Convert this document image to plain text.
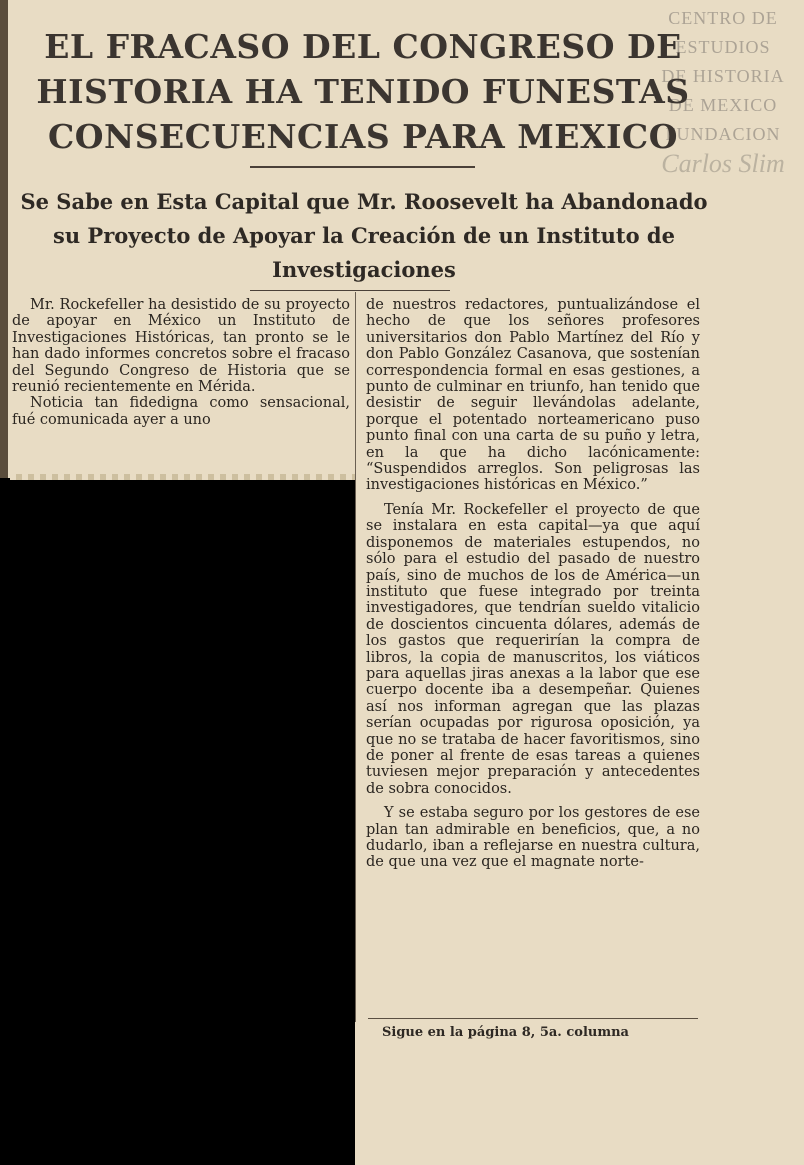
CENTRO DE
ESTUDIOS
DE HISTORIA
DE MEXICO
FUNDACION
Carlos Slim
EL FRACASO DEL CONGRESO DE HISTORIA HA TENIDO FUNESTAS CONSECUENCIAS PARA MEXICO
Se Sabe en Esta Capital que Mr. Roosevelt ha Abandonado su Proyecto de Apoyar la Creación de un Instituto de Investigaciones

Mr. Rockefeller ha desistido de su proyecto de apoyar en México un Instituto de Investigaciones Históricas, tan pronto se le han dado informes concretos sobre el fracaso del Segundo Congreso de Historia que se reunió recientemente en Mérida.

Noticia tan fidedigna como sensacional, fué comunicada ayer a uno

de nuestros redactores, puntualizándose el hecho de que los señores profesores universitarios don Pablo Martínez del Río y don Pablo González Casanova, que sostenían correspondencia formal en esas gestiones, a punto de culminar en triunfo, han tenido que desistir de seguir llevándolas adelante, porque el potentado norteamericano puso punto final con una carta de su puño y letra, en la que ha dicho lacónicamente: “Suspendidos arreglos. Son peligrosas las investigaciones históricas en México.”

Tenía Mr. Rockefeller el proyecto de que se instalara en esta capital—ya que aquí disponemos de materiales estupendos, no sólo para el estudio del pasado de nuestro país, sino de muchos de los de América—un instituto que fuese integrado por treinta investigadores, que tendrían sueldo vitalicio de doscientos cincuenta dólares, además de los gastos que requerirían la compra de libros, la copia de manuscritos, los viáticos para aquellas jiras anexas a la labor que ese cuerpo docente iba a desempeñar. Quienes así nos informan agregan que las plazas serían ocupadas por rigurosa oposición, ya que no se trataba de hacer favoritismos, sino de poner al frente de esas tareas a quienes tuviesen mejor preparación y antecedentes de sobra conocidos.

Y se estaba seguro por los gestores de ese plan tan admirable en beneficios, que, a no dudarlo, iban a reflejarse en nuestra cultura, de que una vez que el magnate norte-

Sigue en la página 8, 5a. columna
